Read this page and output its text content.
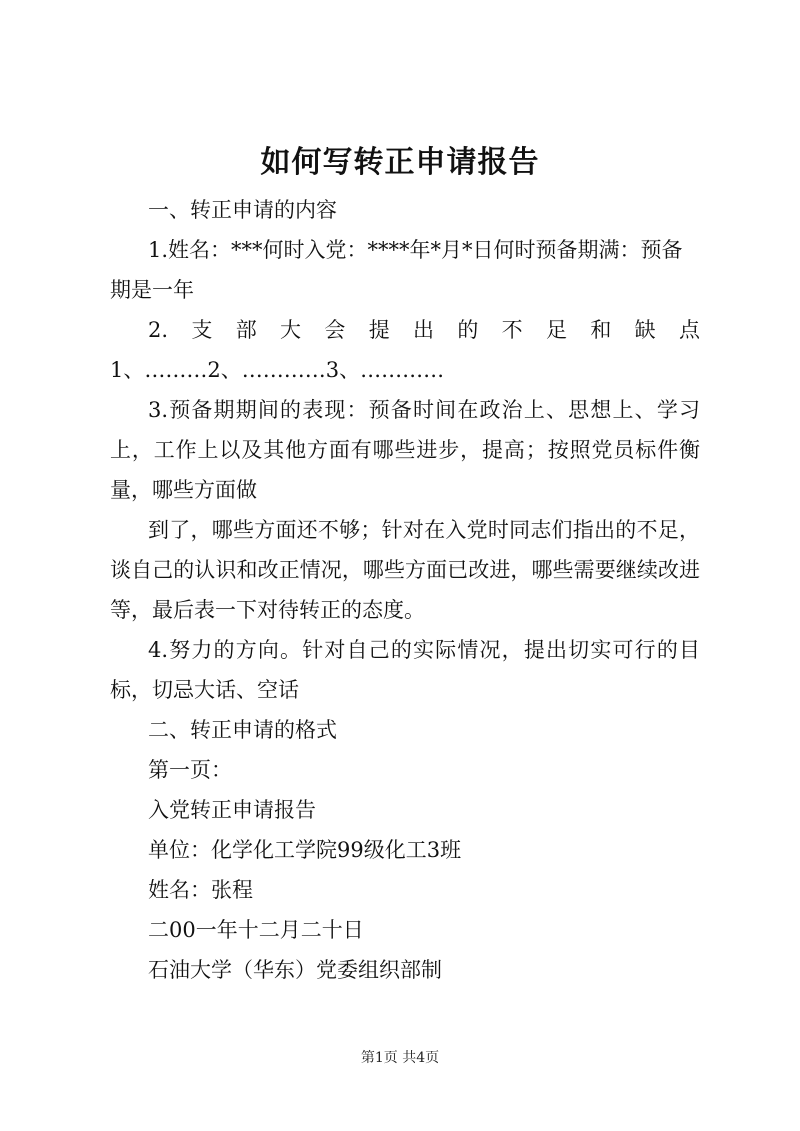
如何写转正申请报告

一、转正申请的内容

1.姓名：***何时入党：****年*月*日何时预备期满：预备
期是一年

2. 支 部 大 会 提 出 的 不 足 和 缺 点

1、………2、…………3、…………

3.预备期期间的表现：预备时间在政治上、思想上、学习上，工作上以及其他方面有哪些进步，提高；按照党员标件衡量，哪些方面做

到了，哪些方面还不够；针对在入党时同志们指出的不足，谈自己的认识和改正情况，哪些方面已改进，哪些需要继续改进等，最后表一下对待转正的态度。

4.努力的方向。针对自己的实际情况，提出切实可行的目标，切忌大话、空话

二、转正申请的格式

第一页：

入党转正申请报告

单位：化学化工学院99级化工3班

姓名：张程

二00一年十二月二十日

石油大学（华东）党委组织部制

第1页 共4页
